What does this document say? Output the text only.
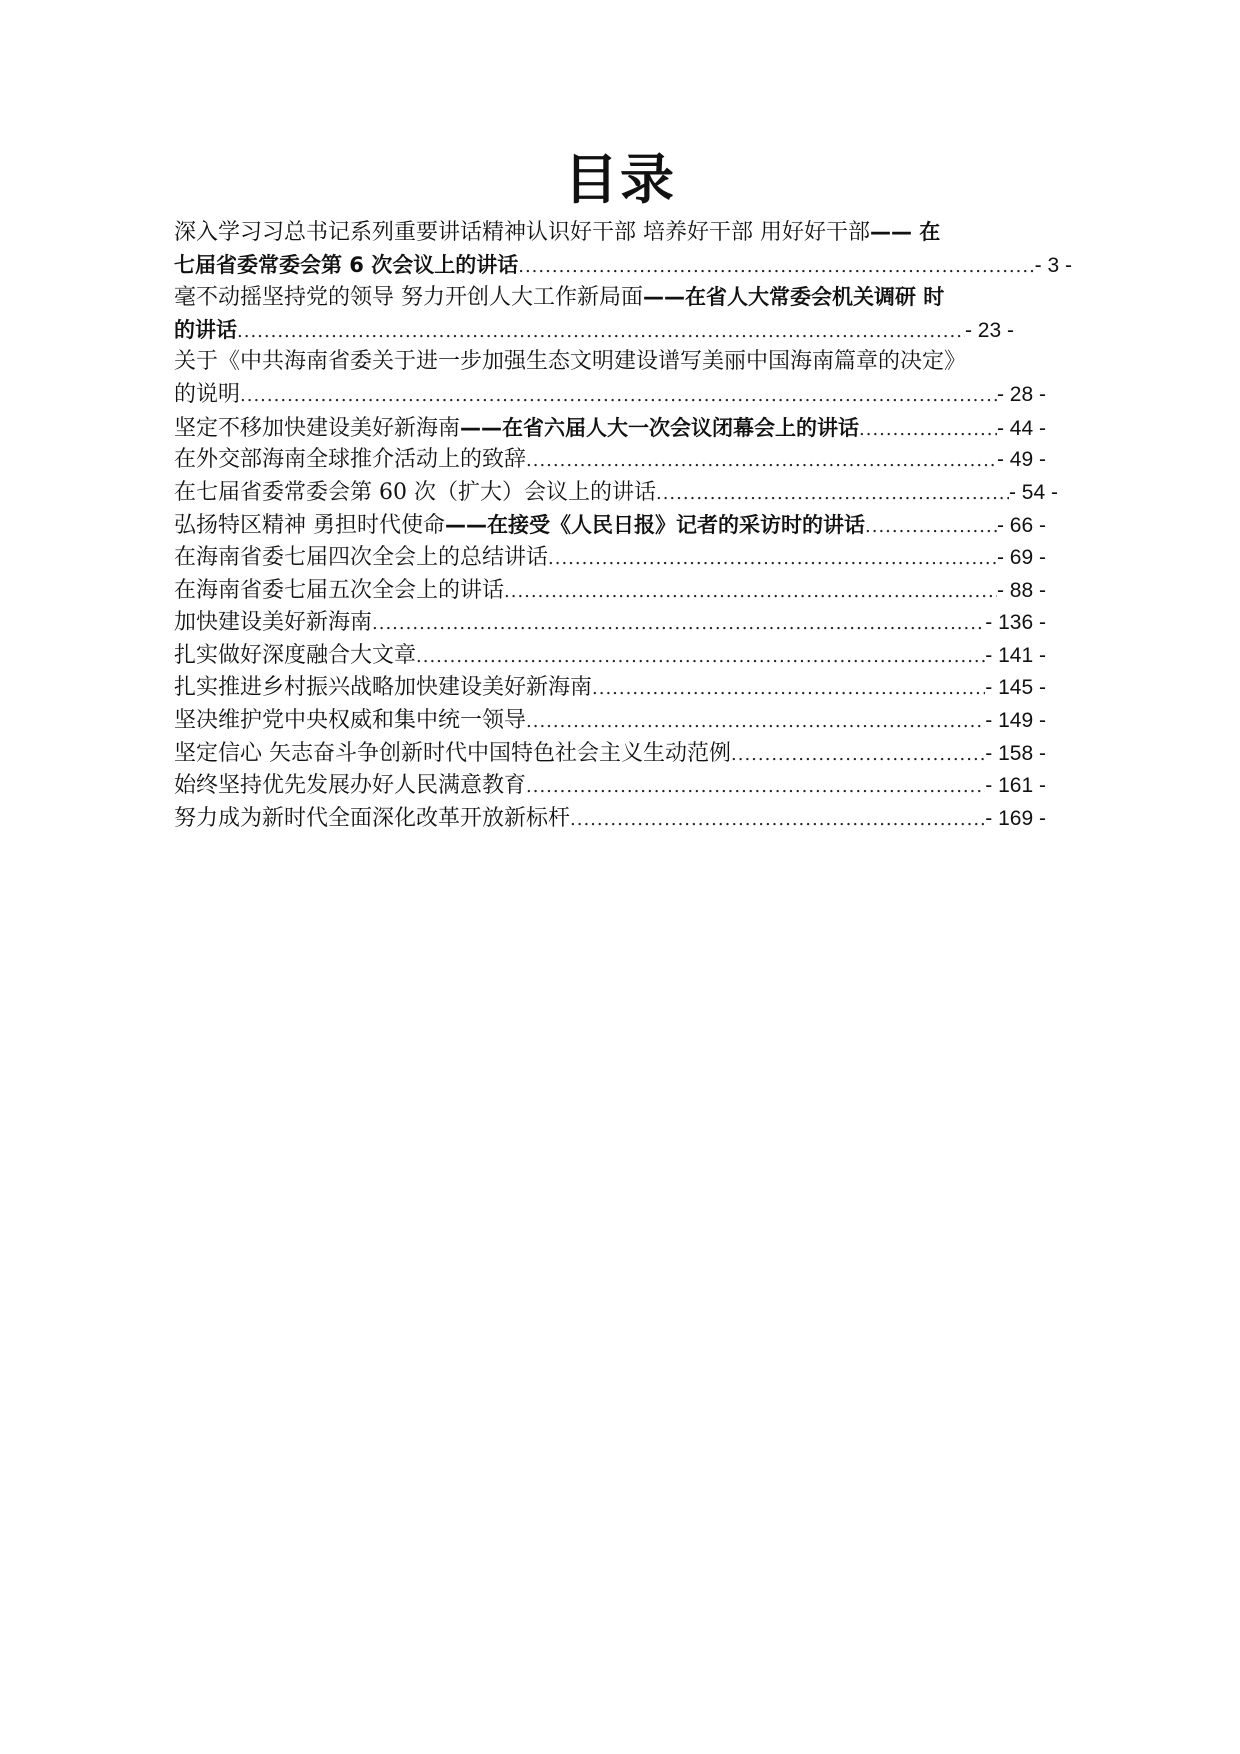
目录
深入学习习总书记系列重要讲话精神认识好干部 培养好干部 用好好干部 —— 在
七届省委常委会第 6 次会议上的讲话 .....	- 3 -
毫不动摇坚持党的领导 努力开创人大工作新局面 ——在省人大常委会机关调研 时
的讲话 .....	- 23 -
关于《中共海南省委关于进一步加强生态文明建设谱写美丽中国海南篇章的决定》
的说明 .....	- 28 -
坚定不移加快建设美好新海南 ——在省六届人大一次会议闭幕会上的讲话 .....	- 44 -
在外交部海南全球推介活动上的致辞 .....	- 49 -
在七届省委常委会第 60 次（扩大）会议上的讲话 .....	- 54 -
弘扬特区精神 勇担时代使命 ——在接受《人民日报》记者的采访时的讲话 .....	- 66 -
在海南省委七届四次全会上的总结讲话 .....	- 69 -
在海南省委七届五次全会上的讲话 .....	- 88 -
加快建设美好新海南 .....	- 136 -
扎实做好深度融合大文章 .....	- 141 -
扎实推进乡村振兴战略加快建设美好新海南 .....	- 145 -
坚决维护党中央权威和集中统一领导 .....	- 149 -
坚定信心 矢志奋斗争创新时代中国特色社会主义生动范例 .....	- 158 -
始终坚持优先发展办好人民满意教育 .....	- 161 -
努力成为新时代全面深化改革开放新标杆 .....	- 169 -
